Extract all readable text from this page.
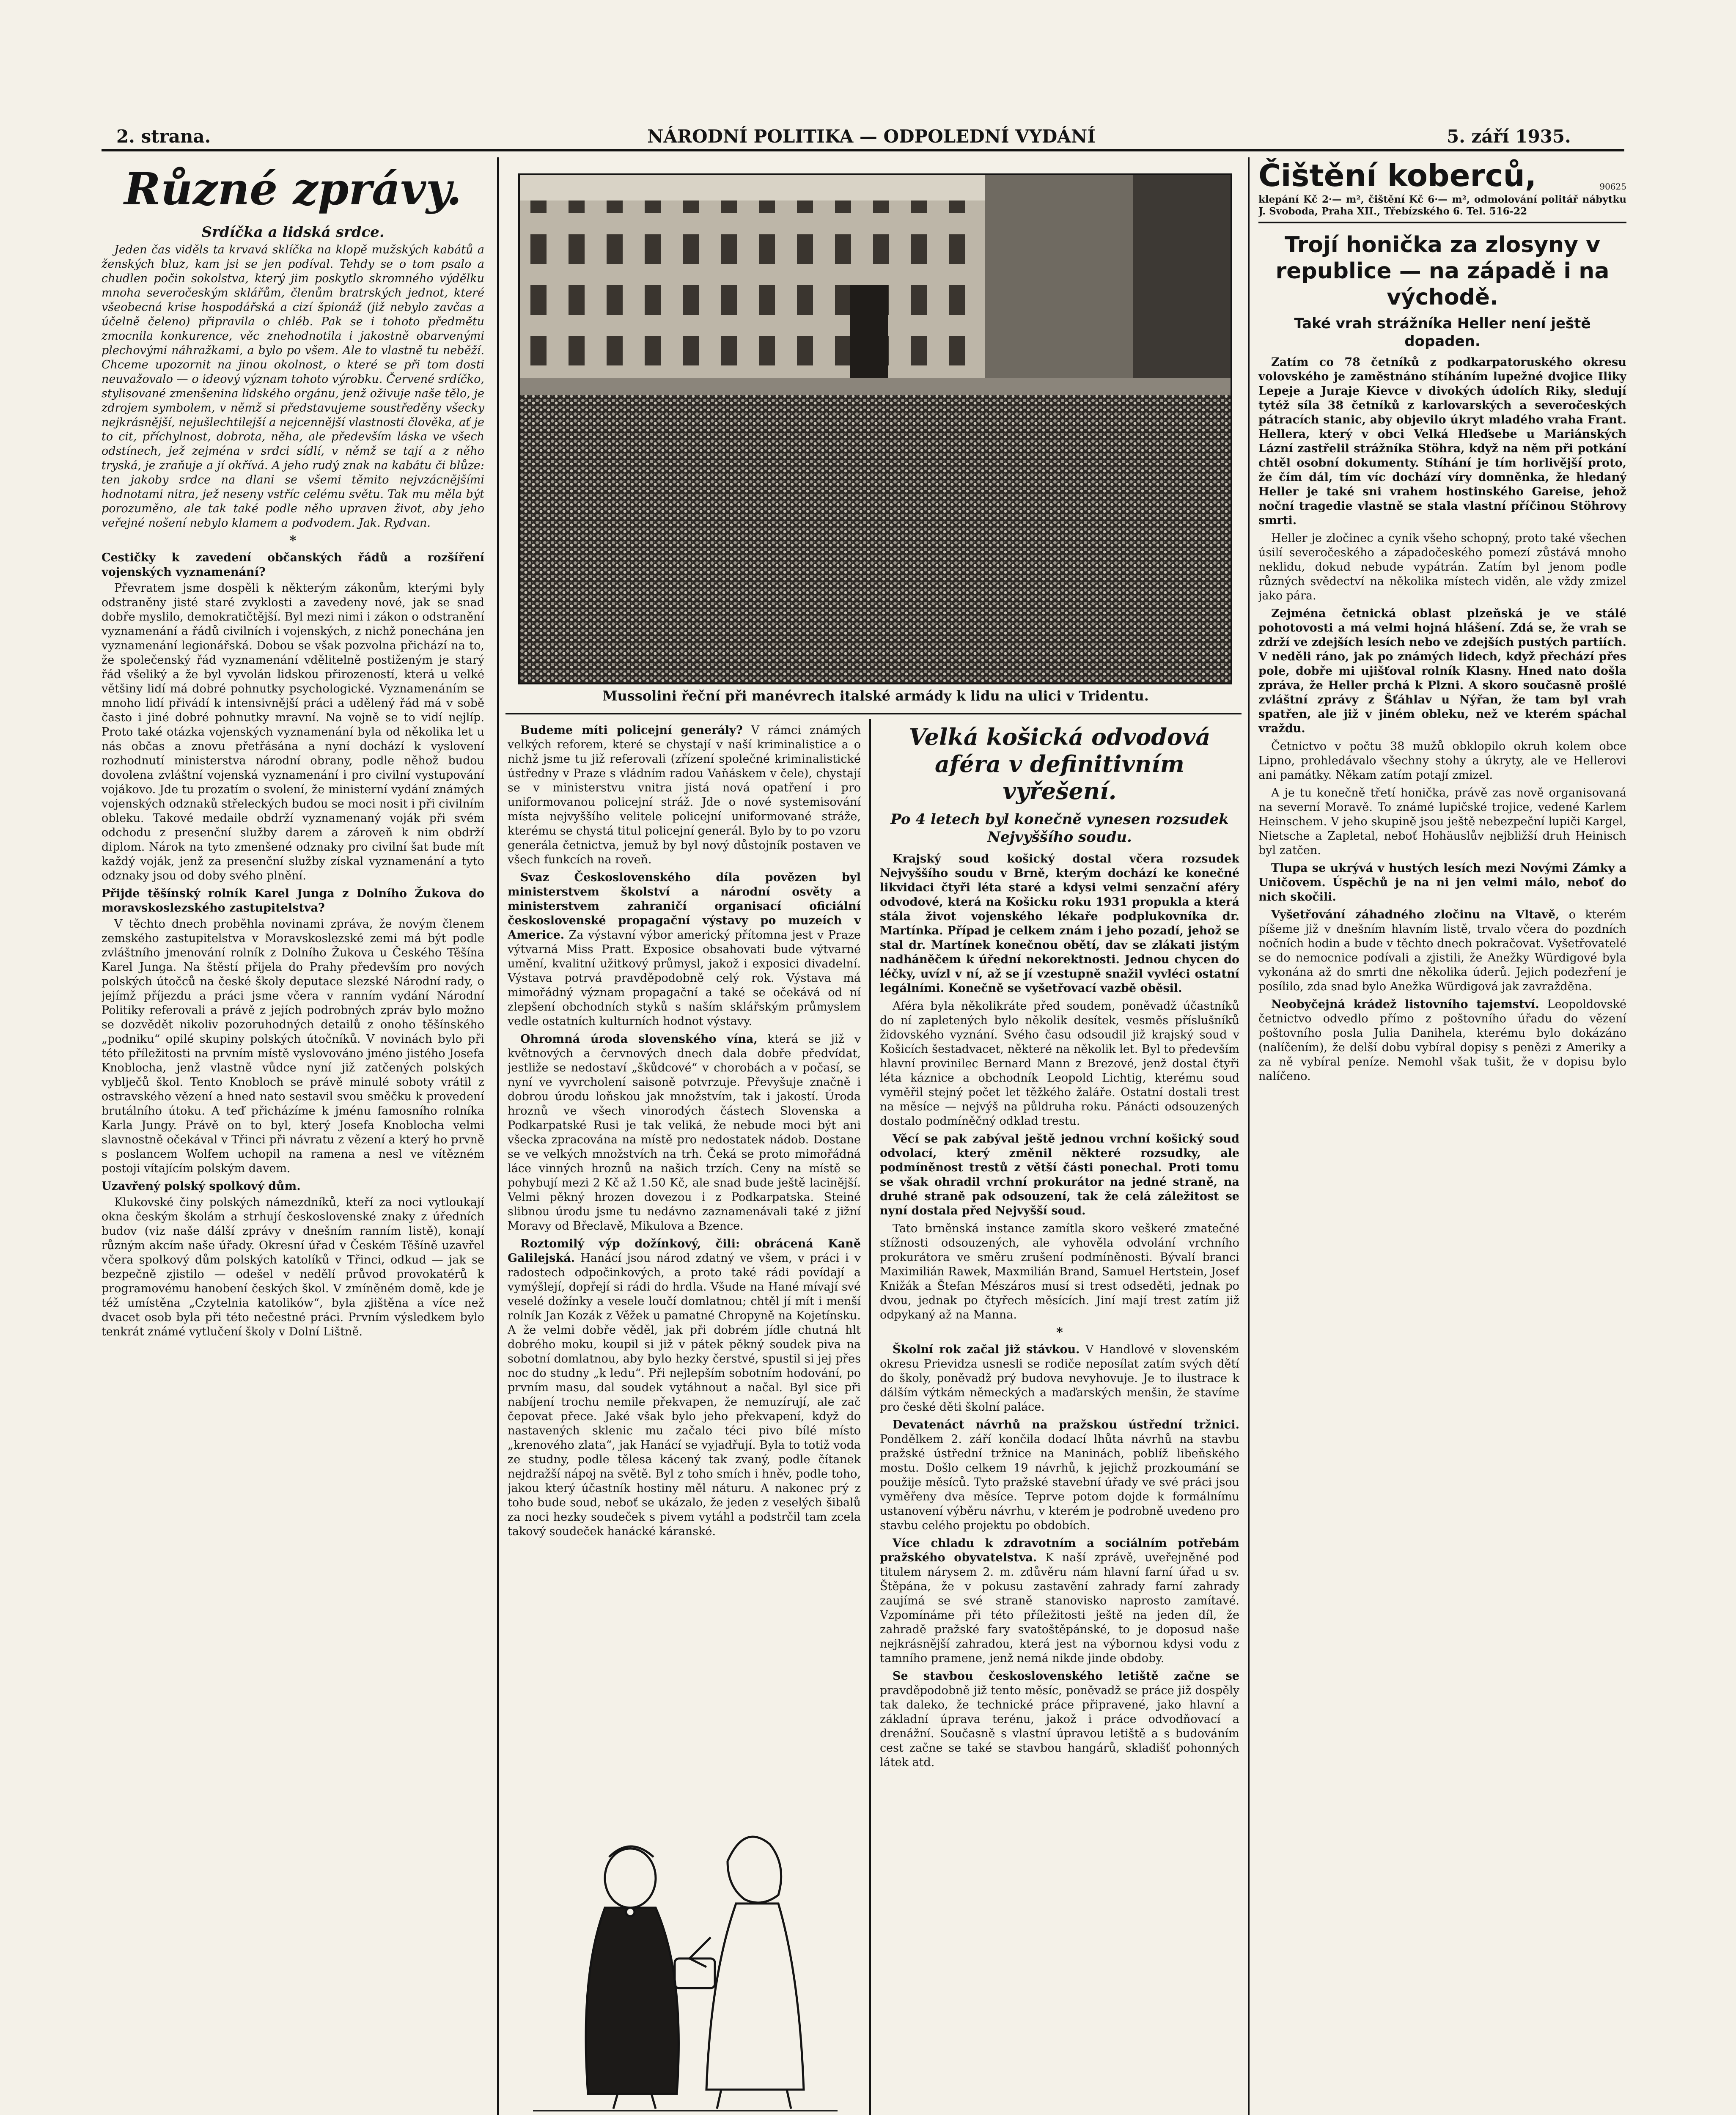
2. strana.	NÁRODNÍ POLITIKA — ODPOLEDNÍ VYDÁNÍ	5. září 1935.
Různé zprávy.
Srdíčka a lidská srdce.

Jeden čas viděls ta krvavá sklíčka na klopě mužských kabátů a ženských bluz, kam jsi se jen podíval. Tehdy se o tom psalo a chudlen počin sokolstva, který jim poskytlo skromného výdělku mnoha severočeským sklářům, členům bratrských jednot, které všeobecná krise hospodářská a cizí špionáž (již nebylo zavčas a účelně čeleno) připravila o chléb. Pak se i tohoto předmětu zmocnila konkurence, věc znehodnotila i jakostně obarvenými plechovými náhražkami, a bylo po všem. Ale to vlastně tu neběží. Chceme upozornit na jinou okolnost, o které se při tom dosti neuvažovalo — o ideový význam tohoto výrobku. Červené srdíčko, stylisované zmenšenina lidského orgánu, jenž oživuje naše tělo, je zdrojem symbolem, v němž si představujeme soustředěny všecky nejkrásnější, nejušlechtilejší a nejcennější vlastnosti člověka, ať je to cit, příchylnost, dobrota, něha, ale především láska ve všech odstínech, jež zejména v srdci sídlí, v němž se tají a z něho tryská, je zraňuje a jí okřívá. A jeho rudý znak na kabátu či blůze: ten jakoby srdce na dlani se všemi těmito nejvzácnějšími hodnotami nitra, jež neseny vstříc celému světu. Tak mu měla být porozuměno, ale tak také podle něho upraven život, aby jeho veřejné nošení nebylo klamem a podvodem. Jak. Rydvan.

*
Cestičky k zavedení občanských řádů a rozšíření vojenských vyznamenání?

Převratem jsme dospěli k některým zákonům, kterými byly odstraněny jisté staré zvyklosti a zavedeny nové, jak se snad dobře myslilo, demokratičtější. Byl mezi nimi i zákon o odstranění vyznamenání a řádů civilních i vojenských, z nichž ponechána jen vyznamenání legionářská. Dobou se však pozvolna přichází na to, že společenský řád vyznamenání vdělitelně postiženým je starý řád všeliký a že byl vyvolán lidskou přirozeností, která u velké většiny lidí má dobré pohnutky psychologické. Vyznamenáním se mnoho lidí přivádí k intensivnější práci a udělený řád má v sobě často i jiné dobré pohnutky mravní. Na vojně se to vidí nejlíp. Proto také otázka vojenských vyznamenání byla od několika let u nás občas a znovu přetřásána a nyní dochází k vyslovení rozhodnutí ministerstva národní obrany, podle něhož budou dovolena zvláštní vojenská vyznamenání i pro civilní vystupování vojákovo. Jde tu prozatím o svolení, že ministerní vydání známých vojenských odznaků střeleckých budou se moci nosit i při civilním obleku. Takové medaile obdrží vyznamenaný voják při svém odchodu z presenční služby darem a zároveň k nim obdrží diplom. Nárok na tyto zmenšené odznaky pro civilní šat bude mít každý voják, jenž za presenční služby získal vyznamenání a tyto odznaky jsou od doby svého plnění.

Přijde těšínský rolník Karel Junga z Dolního Žukova do moravskoslezského zastupitelstva?

V těchto dnech proběhla novinami zpráva, že novým členem zemského zastupitelstva v Moravskoslezské zemi má být podle zvláštního jmenování rolník z Dolního Žukova u Českého Těšína Karel Junga. Na štěstí přijela do Prahy především pro nových polských útočců na české školy deputace slezské Národní rady, o jejímž příjezdu a práci jsme včera v ranním vydání Národní Politiky referovali a právě z jejích podrobných zpráv bylo možno se dozvědět nikoliv pozoruhodných detailů z onoho těšínského „podniku“ opilé skupiny polských útočníků. V novinách bylo při této příležitosti na prvním místě vyslovováno jméno jistého Josefa Knoblocha, jenž vlastně vůdce nyní již zatčených polských vyblječů škol. Tento Knobloch se právě minulé soboty vrátil z ostravského vězení a hned nato sestavil svou směčku k provedení brutálního útoku. A teď přicházíme k jménu famosního rolníka Karla Jungy. Právě on to byl, který Josefa Knoblocha velmi slavnostně očekával v Třinci při návratu z vězení a který ho prvně s poslancem Wolfem uchopil na ramena a nesl ve vítězném postoji vítajícím polským davem.

Uzavřený polský spolkový dům.

Klukovské činy polských námezdníků, kteří za noci vytloukají okna českým školám a strhují československé znaky z úředních budov (viz naše dálší zprávy v dnešním ranním listě), konají různým akcím naše úřady. Okresní úřad v Českém Těšíně uzavřel včera spolkový dům polských katolíků v Třinci, odkud — jak se bezpečně zjistilo — odešel v nedělí průvod provokatérů k programovému hanobení českých škol. V zmíněném domě, kde je též umístěna „Czytelnia katolików“, byla zjištěna a více než dvacet osob byla při této nečestné práci. Prvním výsledkem bylo tenkrát známé vytlučení školy v Dolní Lištně.

Mussolini řeční při manévrech italské armády k lidu na ulici v Tridentu.

Budeme míti policejní generály? V rámci známých velkých reforem, které se chystají v naší kriminalistice a o nichž jsme tu již referovali (zřízení společné kriminalistické ústředny v Praze s vládním radou Vaňáskem v čele), chystají se v ministerstvu vnitra jistá nová opatření i pro uniformovanou policejní stráž. Jde o nové systemisování místa nejvyššího velitele policejní uniformované stráže, kterému se chystá titul policejní generál. Bylo by to po vzoru generála četnictva, jemuž by byl nový důstojník postaven ve všech funkcích na roveň.

Svaz Československého díla povězen byl ministerstvem školství a národní osvěty a ministerstvem zahraničí organisací oficiální československé propagační výstavy po muzeích v Americe. Za výstavní výbor americký přítomna jest v Praze výtvarná Miss Pratt. Exposice obsahovati bude výtvarné umění, kvalitní užitkový průmysl, jakož i exposici divadelní. Výstava potrvá pravděpodobně celý rok. Výstava má mimořádný význam propagační a také se očekává od ní zlepšení obchodních styků s naším sklářským průmyslem vedle ostatních kulturních hodnot výstavy.

Ohromná úroda slovenského vína, která se již v květnových a červnových dnech dala dobře předvídat, jestliže se nedostaví „škůdcové“ v chorobách a v počasí, se nyní ve vyvrcholení saisoně potvrzuje. Převyšuje značně i dobrou úrodu loňskou jak množstvím, tak i jakostí. Úroda hroznů ve všech vinorodých částech Slovenska a Podkarpatské Rusi je tak veliká, že nebude moci být ani všecka zpracována na místě pro nedostatek nádob. Dostane se ve velkých množstvích na trh. Čeká se proto mimořádná láce vinných hroznů na našich trzích. Ceny na místě se pohybují mezi 2 Kč až 1.50 Kč, ale snad bude ještě lacinější. Velmi pěkný hrozen dovezou i z Podkarpatska. Steiné slibnou úrodu jsme tu nedávno zaznamenávali také z jižní Moravy od Břeclavě, Mikulova a Bzence.

Roztomilý výp dožínkový, čili: obrácená Kaně Galilejská. Hanácí jsou národ zdatný ve všem, v práci i v radostech odpočinkových, a proto také rádi povídají a vymýšlejí, dopřejí si rádi do hrdla. Všude na Hané mívají své veselé dožínky a vesele loučí domlatnou; chtěl jí mít i menší rolník Jan Kozák z Věžek u pamatné Chropyně na Kojetínsku. A že velmi dobře věděl, jak při dobrém jídle chutná hlt dobrého moku, koupil si již v pátek pěkný soudek piva na sobotní domlatnou, aby bylo hezky čerstvé, spustil si jej přes noc do studny „k ledu“. Při nejlepším sobotním hodování, po prvním masu, dal soudek vytáhnout a načal. Byl sice při nabíjení trochu nemile překvapen, že nemuzírují, ale zač čepovat přece. Jaké však bylo jeho překvapení, když do nastavených sklenic mu začalo téci pivo bílé místo „krenového zlata“, jak Hanácí se vyjadřují. Byla to totiž voda ze studny, podle tělesa kácený tak zvaný, podle čítanek nejdražší nápoj na světě. Byl z toho smích i hněv, podle toho, jakou který účastník hostiny měl náturu. A nakonec prý z toho bude soud, neboť se ukázalo, že jeden z veselých šibalů za noci hezky soudeček s pivem vytáhl a podstrčil tam zcela takový soudeček hanácké káranské.

Velká košická odvodová aféra v definitivním vyřešení.
Po 4 letech byl konečně vynesen rozsudek Nejvyššího soudu.

Krajský soud košický dostal včera rozsudek Nejvyššího soudu v Brně, kterým dochází ke konečné likvidaci čtyři léta staré a kdysi velmi senzační aféry odvodové, která na Košicku roku 1931 propukla a která stála život vojenského lékaře podplukovníka dr. Martínka. Případ je celkem znám i jeho pozadí, jehož se stal dr. Martínek konečnou obětí, dav se zlákati jistým nadháněčem k úřední nekorektnosti. Jednou chycen do léčky, uvízl v ní, až se jí vzestupně snažil vyvléci ostatní legálními. Konečně se vyšetřovací vazbě oběsil.

Aféra byla několikráte před soudem, poněvadž účastníků do ní zapletených bylo několik desítek, vesměs příslušníků židovského vyznání. Svého času odsoudil již krajský soud v Košicích šestadvacet, některé na několik let. Byl to především hlavní provinilec Bernard Mann z Brezové, jenž dostal čtyři léta káznice a obchodník Leopold Lichtig, kterému soud vyměřil stejný počet let těžkého žaláře. Ostatní dostali trest na měsíce — nejvýš na půldruha roku. Pánácti odsouzených dostalo podmíněčný odklad trestu.

Věcí se pak zabýval ještě jednou vrchní košický soud odvolací, který změnil některé rozsudky, ale podmíněnost trestů z větší části ponechal. Proti tomu se však ohradil vrchní prokurátor na jedné straně, na druhé straně pak odsouzení, tak že celá záležitost se nyní dostala před Nejvyšší soud.

Tato brněnská instance zamítla skoro veškeré zmatečné stížnosti odsouzených, ale vyhověla odvolání vrchního prokurátora ve směru zrušení podmíněnosti. Bývalí branci Maximilián Rawek, Maxmilián Brand, Samuel Hertstein, Josef Knižák a Štefan Mészáros musí si trest odseděti, jednak po dvou, jednak po čtyřech měsících. Jiní mají trest zatím již odpykaný až na Manna.

*

Školní rok začal již stávkou. V Handlové v slovenském okresu Prievidza usnesli se rodiče neposílat zatím svých dětí do školy, poněvadž prý budova nevyhovuje. Je to ilustrace k dálším výtkám německých a maďarských menšin, že stavíme pro české děti školní paláce.

Devatenáct návrhů na pražskou ústřední tržnici. Pondělkem 2. září končila dodací lhůta návrhů na stavbu pražské ústřední tržnice na Maninách, poblíž libeňského mostu. Došlo celkem 19 návrhů, k jejichž prozkoumání se použije měsíců. Tyto pražské stavební úřady ve své práci jsou vyměřeny dva měsíce. Teprve potom dojde k formálnímu ustanovení výběru návrhu, v kterém je podrobně uvedeno pro stavbu celého projektu po obdobích.

Více chladu k zdravotním a sociálním potřebám pražského obyvatelstva. K naší zprávě, uveřejněné pod titulem nárysem 2. m. zdůvěru nám hlavní farní úřad u sv. Štěpána, že v pokusu zastavění zahrady farní zahrady zaujímá se své straně stanovisko naprosto zamítavé. Vzpomínáme při této příležitosti ještě na jeden díl, že zahradě pražské fary svatoštěpánské, to je doposud naše nejkrásnější zahradou, která jest na výbornou kdysi vodu z tamního pramene, jenž nemá nikde jinde obdoby.

Se stavbou československého letiště začne se pravděpodobně již tento měsíc, poněvadž se práce již dospěly tak daleko, že technické práce připravené, jako hlavní a základní úprava terénu, jakož i práce odvodňovací a drenážní. Současně s vlastní úpravou letiště a s budováním cest začne se také se stavbou hangárů, skladišť pohonných látek atd.

Čištění koberců,	90625
klepání Kč 2·— m², čištění Kč 6·— m², odmolování politář nábytku J. Svoboda, Praha XII., Třebízského 6. Tel. 516-22
Trojí honička za zlosyny v republice — na západě i na východě.
Také vrah strážníka Heller není ještě dopaden.

Zatím co 78 četníků z podkarpatoruského okresu volovského je zaměstnáno stíháním lupežné dvojice Iliky Lepeje a Juraje Kievce v divokých údolích Riky, sledují tytéž síla 38 četníků z karlovarských a severočeských pátracích stanic, aby objevilo úkryt mladého vraha Frant. Hellera, který v obci Velká Hleďsebe u Mariánských Lázní zastřelil strážníka Stöhra, když na něm při potkání chtěl osobní dokumenty. Stíhání je tím horlivější proto, že čím dál, tím víc dochází víry domněnka, že hledaný Heller je také sni vrahem hostinského Gareise, jehož noční tragedie vlastně se stala vlastní příčinou Stöhrovy smrti.

Heller je zločinec a cynik všeho schopný, proto také všechen úsilí severočeského a západočeského pomezí zůstává mnoho neklidu, dokud nebude vypátrán. Zatím byl jenom podle různých svědectví na několika místech viděn, ale vždy zmizel jako pára.

Zejména četnická oblast plzeňská je ve stálé pohotovosti a má velmi hojná hlášení. Zdá se, že vrah se zdrží ve zdejších lesích nebo ve zdejších pustých partiích. V neděli ráno, jak po známých lidech, když přechází přes pole, dobře mi ujišťoval rolník Klasny. Hned nato došla zpráva, že Heller prchá k Plzni. A skoro současně prošlé zvláštní zprávy z Šťáhlav u Nýřan, že tam byl vrah spatřen, ale již v jiném obleku, než ve kterém spáchal vraždu.

Četnictvo v počtu 38 mužů obklopilo okruh kolem obce Lipno, prohledávalo všechny stohy a úkryty, ale ve Hellerovi ani památky. Někam zatím potají zmizel.

A je tu konečně třetí honička, právě zas nově organisovaná na severní Moravě. To známé lupičské trojice, vedené Karlem Heinschem. V jeho skupině jsou ještě nebezpeční lupiči Kargel, Nietsche a Zapletal, neboť Hohäuslův nejbližší druh Heinisch byl zatčen.

Tlupa se ukrývá v hustých lesích mezi Novými Zámky a Uničovem. Úspěchů je na ni jen velmi málo, neboť do nich skočili.

Vyšetřování záhadného zločinu na Vltavě, o kterém píšeme již v dnešním hlavním listě, trvalo včera do pozdních nočních hodin a bude v těchto dnech pokračovat. Vyšetřovatelé se do nemocnice podívali a zjistili, že Anežky Würdigové byla vykonána až do smrti dne několika úderů. Jejich podezření je posílilo, zda snad bylo Anežka Würdigová jak zavražděna.

Neobyčejná krádež listovního tajemství. Leopoldovské četnictvo odvedlo přímo z poštovního úřadu do vězení poštovního posla Julia Danihela, kterému bylo dokázáno (nalíčením), že delší dobu vybíral dopisy s penězi z Ameriky a za ně vybíral peníze. Nemohl však tušit, že v dopisu bylo nalíčeno.
